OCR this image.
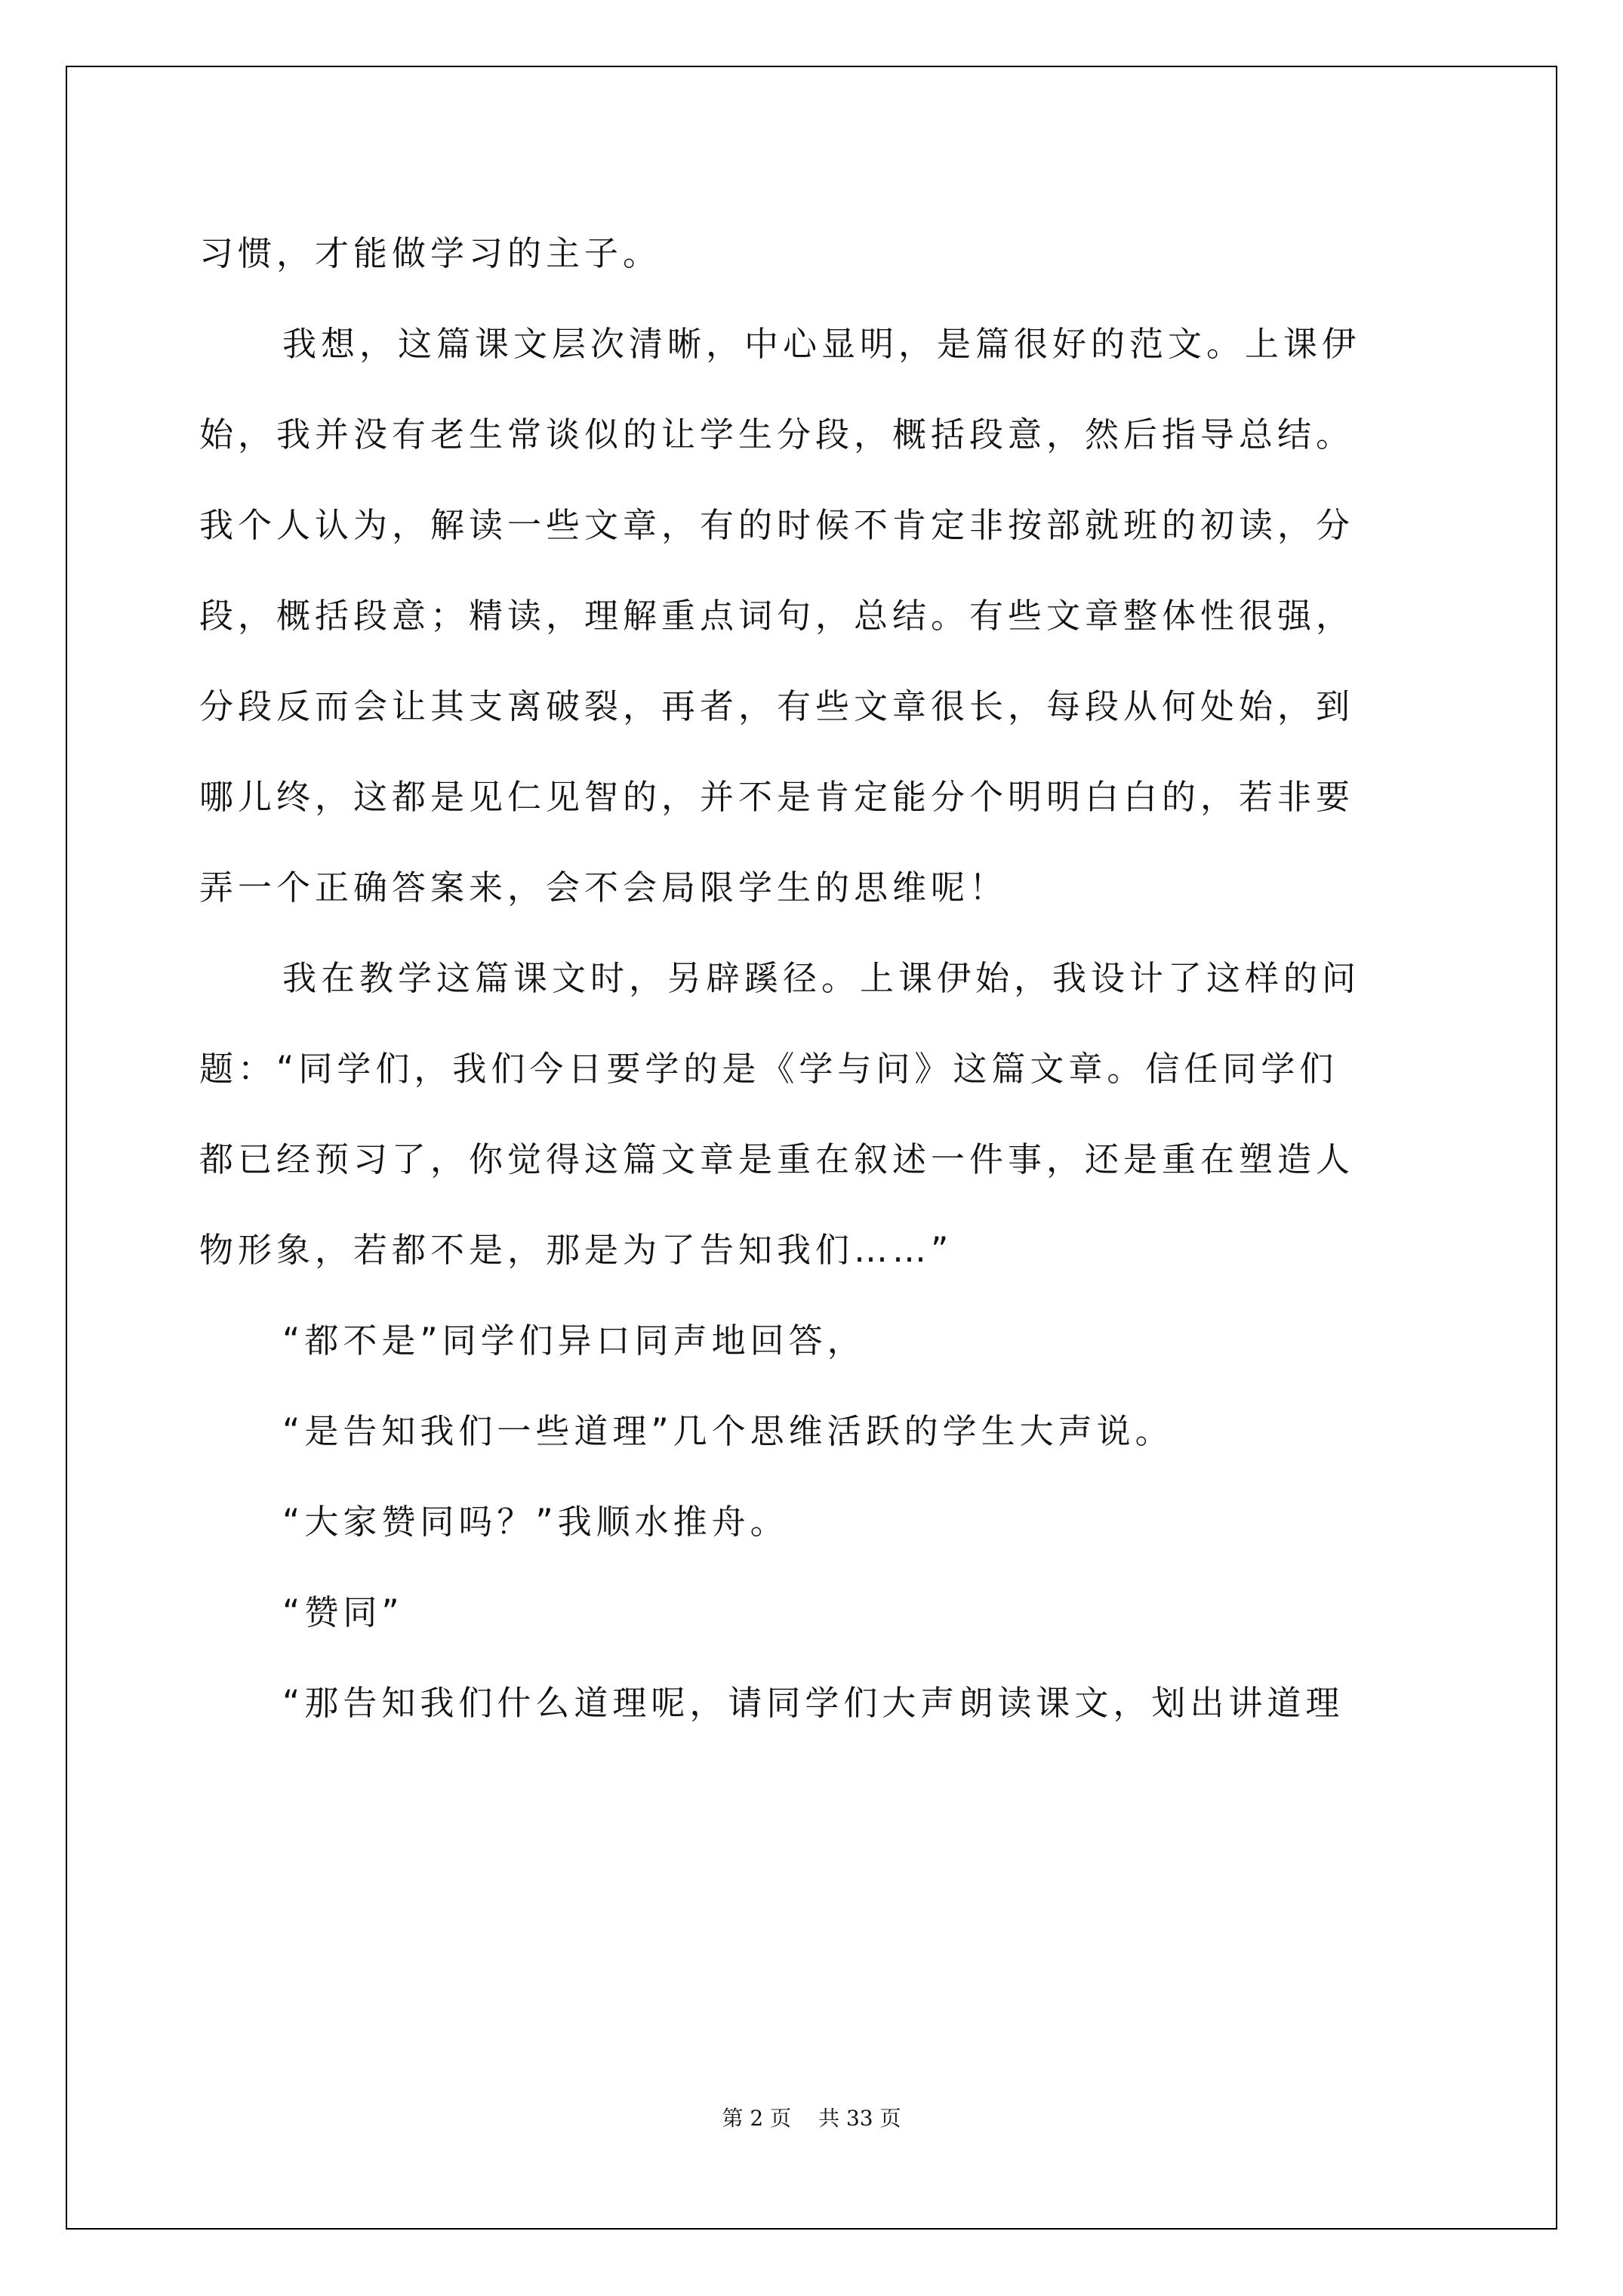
习惯，才能做学习的主子。
我想，这篇课文层次清晰，中心显明，是篇很好的范文。上课伊
始，我并没有老生常谈似的让学生分段，概括段意，然后指导总结。
我个人认为，解读一些文章，有的时候不肯定非按部就班的初读，分
段，概括段意；精读，理解重点词句，总结。有些文章整体性很强，
分段反而会让其支离破裂，再者，有些文章很长，每段从何处始，到
哪儿终，这都是见仁见智的，并不是肯定能分个明明白白的，若非要
弄一个正确答案来，会不会局限学生的思维呢！
我在教学这篇课文时，另辟蹊径。上课伊始，我设计了这样的问
题：“同学们，我们今日要学的是《学与问》这篇文章。信任同学们
都已经预习了，你觉得这篇文章是重在叙述一件事，还是重在塑造人
物形象，若都不是，那是为了告知我们……”
“都不是”同学们异口同声地回答，
“是告知我们一些道理”几个思维活跃的学生大声说。
“大家赞同吗？”我顺水推舟。
“赞同”
“那告知我们什么道理呢，请同学们大声朗读课文，划出讲道理
第 2 页 共 33 页
